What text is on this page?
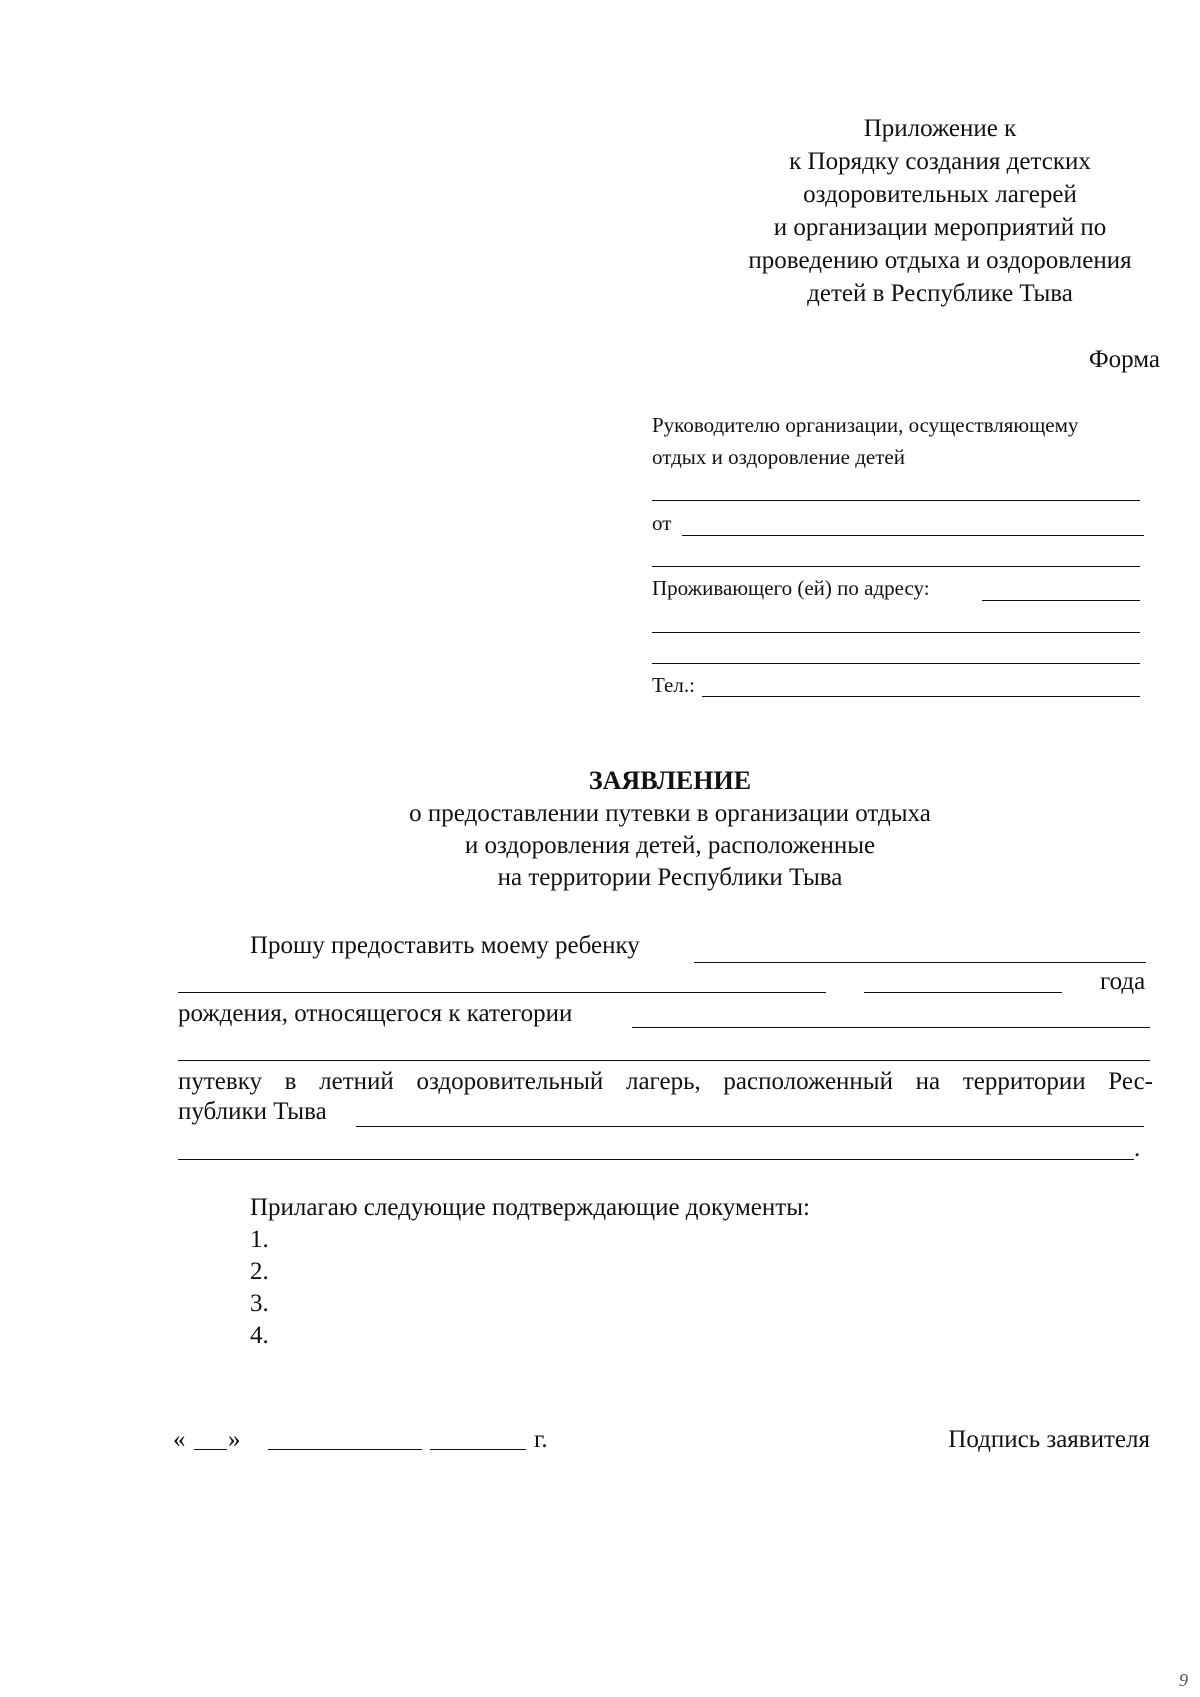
Приложение к
к Порядку создания детских
оздоровительных лагерей
и организации мероприятий по
проведению отдыха и оздоровления
детей в Республике Тыва
Форма
Руководителю организации, осуществляющему
отдых и оздоровление детей
от
Проживающего (ей) по адресу:
Тел.:
ЗАЯВЛЕНИЕ
о предоставлении путевки в организации отдыха
и оздоровления детей, расположенные
на территории Республики Тыва
Прошу предоставить моему ребенку
года
рождения, относящегося к категории
путевку в летний оздоровительный лагерь, расположенный на территории Рес-
публики Тыва
.
Прилагаю следующие подтверждающие документы:
1.
2.
3.
4.
« »	г.	Подпись заявителя
9
